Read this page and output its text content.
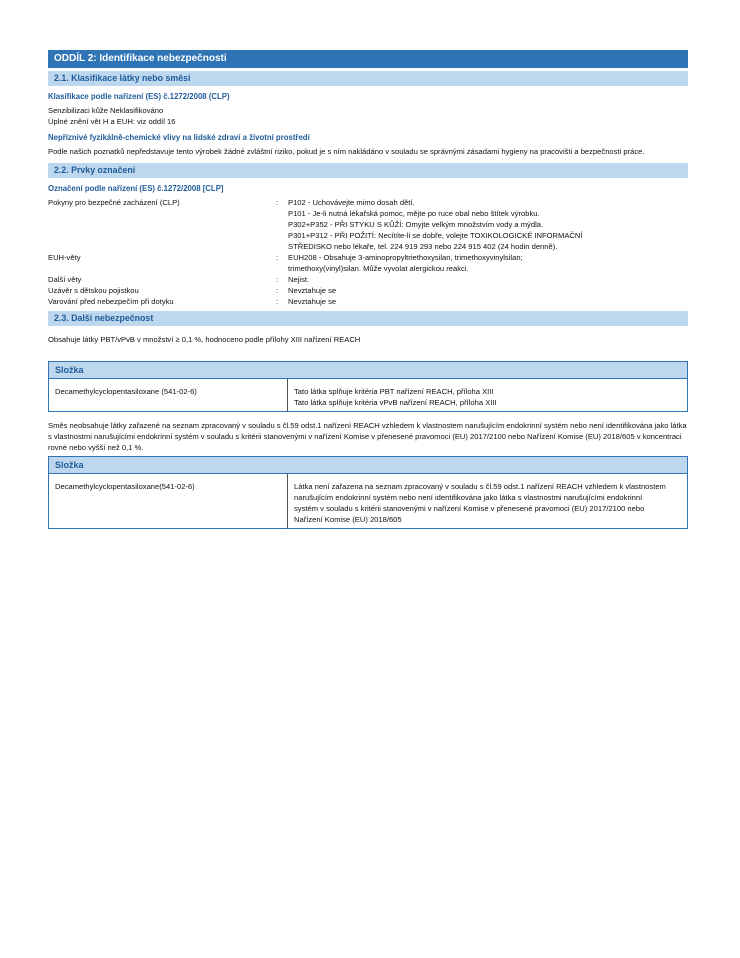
ODDÍL 2: Identifikace nebezpečnosti
2.1. Klasifikace látky nebo směsi
Klasifikace podle nařízení (ES) č.1272/2008 (CLP)
Senzibilizaci kůže Neklasifikováno
Úplné znění vět H a EUH: viz oddíl 16
Nepříznivé fyzikálně-chemické vlivy na lidské zdraví a životní prostředí
Podle našich poznatků nepředstavuje tento výrobek žádné zvláštní riziko, pokud je s ním nakládáno v souladu se správnými zásadami hygieny na pracovišti a bezpečnosti práce.
2.2. Prvky označení
Označení podle nařízení (ES) č.1272/2008 [CLP]
Pokyny pro bezpečné zacházení (CLP)	:	P102 - Uchovávejte mimo dosah dětí.
P101 - Je-li nutná lékařská pomoc, mějte po ruce obal nebo štítek výrobku.
P302+P352 - PŘI STYKU S KŮŽÍ: Omyjte velkým množstvím vody a mýdla.
P301+P312 - PŘI POŽITÍ: Necítíte-li se dobře, volejte TOXIKOLOGICKÉ INFORMAČNÍ
STŘEDISKO nebo lékaře, tel. 224 919 293 nebo 224 915 402 (24 hodin denně).
EUH-věty	:	EUH208 - Obsahuje 3-aminopropyltriethoxysilan, trimethoxyvinylsilan;
trimethoxy(vinyl)silan. Může vyvolat alergickou reakci.
Další věty	:	Nejist.
Uzávěr s dětskou pojistkou	:	Nevztahuje se
Varování před nebezpečím při dotyku	:	Nevztahuje se
2.3. Další nebezpečnost
Obsahuje látky PBT/vPvB v množství ≥ 0,1 %, hodnoceno podle přílohy XIII nařízení REACH
Složka	

Decamethylcyclopentasiloxane (541-02-6)	Tato látka splňuje kritéria PBT nařízení REACH, příloha XIII
Tato látka splňuje kritéria vPvB nařízení REACH, příloha XIII
Směs neobsahuje látky zařazené na seznam zpracovaný v souladu s čl.59 odst.1 nařízení REACH vzhledem k vlastnostem narušujícím endokrinní systém nebo není identifikována jako látka s vlastnostmi narušujícími endokrinní systém v souladu s kritérii stanovenými v nařízení Komise v přenesené pravomoci (EU) 2017/2100 nebo Nařízení Komise (EU) 2018/605 v koncentraci rovné nebo vyšší než 0,1 %.
Složka	

Decamethylcyclopentasiloxane(541-02-6)	Látka není zařazena na seznam zpracovaný v souladu s čl.59 odst.1 nařízení REACH vzhledem k vlastnostem narušujícím endokrinní systém nebo není identifikována jako látka s vlastnostmi narušujícími endokrinní systém v souladu s kritérii stanovenými v nařízení Komise v přenesené pravomoci (EU) 2017/2100 nebo Nařízení Komise (EU) 2018/605
